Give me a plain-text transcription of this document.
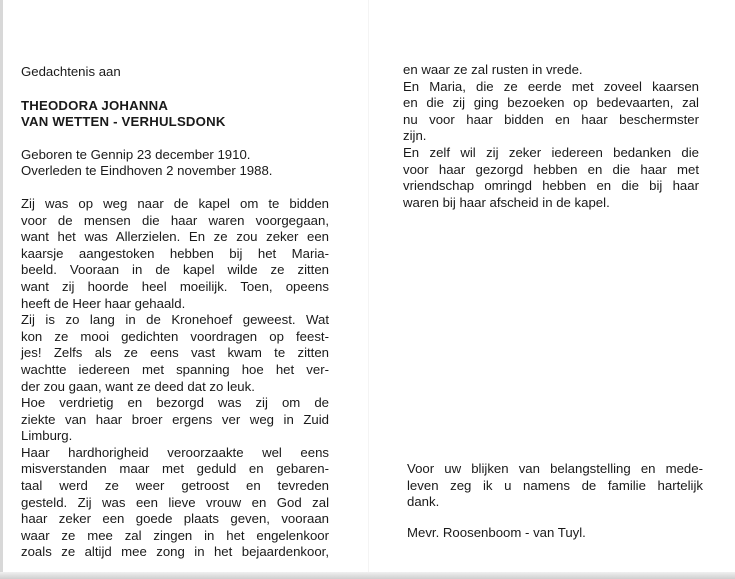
Gedachtenis aan

THEODORA JOHANNA
VAN WETTEN - VERHULSDONK
Geboren te Gennip 23 december 1910.
Overleden te Eindhoven 2 november 1988.
Zij was op weg naar de kapel om te bidden
voor de mensen die haar waren voorgegaan,
want het was Allerzielen. En ze zou zeker een
kaarsje aangestoken hebben bij het Maria-
beeld. Vooraan in de kapel wilde ze zitten
want zij hoorde heel moeilijk. Toen, opeens
heeft de Heer haar gehaald.
Zij is zo lang in de Kronehoef geweest. Wat
kon ze mooi gedichten voordragen op feest-
jes! Zelfs als ze eens vast kwam te zitten
wachtte iedereen met spanning hoe het ver-
der zou gaan, want ze deed dat zo leuk.
Hoe verdrietig en bezorgd was zij om de
ziekte van haar broer ergens ver weg in Zuid
Limburg.
Haar hardhorigheid veroorzaakte wel eens
misverstanden maar met geduld en gebaren-
taal werd ze weer getroost en tevreden
gesteld. Zij was een lieve vrouw en God zal
haar zeker een goede plaats geven, vooraan
waar ze mee zal zingen in het engelenkoor
zoals ze altijd mee zong in het bejaardenkoor,
en waar ze zal rusten in vrede.
En Maria, die ze eerde met zoveel kaarsen
en die zij ging bezoeken op bedevaarten, zal
nu voor haar bidden en haar beschermster
zijn.
En zelf wil zij zeker iedereen bedanken die
voor haar gezorgd hebben en die haar met
vriendschap omringd hebben en die bij haar
waren bij haar afscheid in de kapel.
Voor uw blijken van belangstelling en mede-
leven zeg ik u namens de familie hartelijk
dank.

Mevr. Roosenboom - van Tuyl.
